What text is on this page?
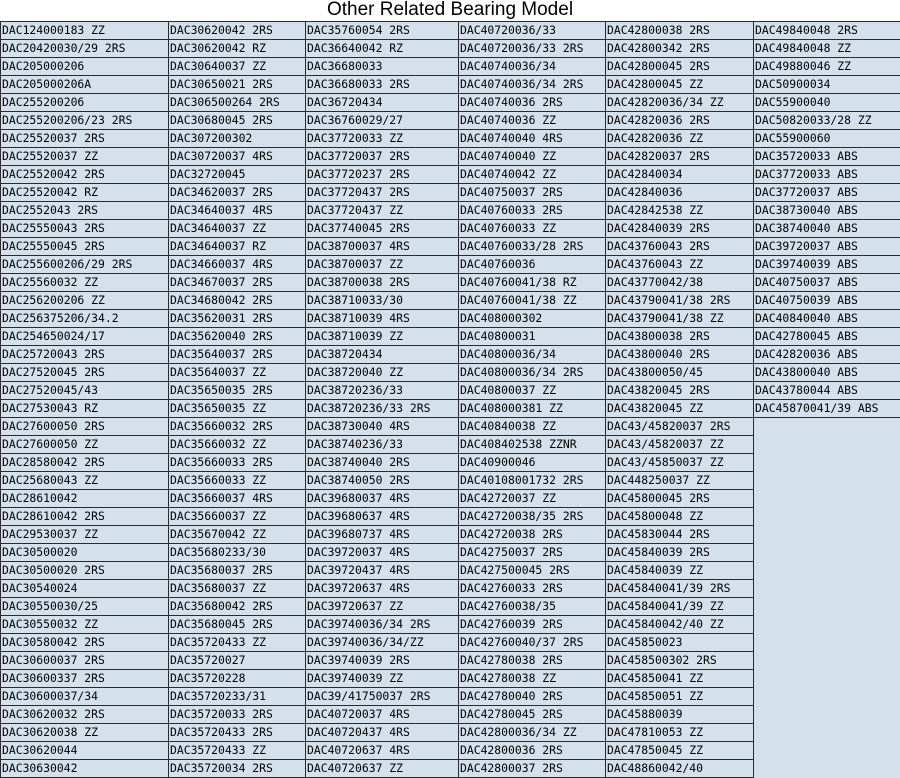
Other Related Bearing Model
DAC124000183 ZZ	DAC30620042 2RS	DAC35760054 2RS	DAC40720036/33	DAC42800038 2RS	DAC49840048 2RS
DAC20420030/29 2RS	DAC30620042 RZ	DAC36640042 RZ	DAC40720036/33 2RS	DAC42800342 2RS	DAC49840048 ZZ
DAC205000206	DAC30640037 ZZ	DAC36680033	DAC40740036/34	DAC42800045 2RS	DAC49880046 ZZ
DAC205000206A	DAC30650021 2RS	DAC36680033 2RS	DAC40740036/34 2RS	DAC42800045 ZZ	DAC50900034
DAC255200206	DAC306500264 2RS	DAC36720434	DAC40740036 2RS	DAC42820036/34 ZZ	DAC55900040
DAC255200206/23 2RS	DAC30680045 2RS	DAC36760029/27	DAC40740036 ZZ	DAC42820036 2RS	DAC50820033/28 ZZ
DAC25520037 2RS	DAC307200302	DAC37720033 ZZ	DAC40740040 4RS	DAC42820036 ZZ	DAC55900060
DAC25520037 ZZ	DAC30720037 4RS	DAC37720037 2RS	DAC40740040 ZZ	DAC42820037 2RS	DAC35720033 ABS
DAC25520042 2RS	DAC32720045	DAC37720237 2RS	DAC40740042 ZZ	DAC42840034	DAC37720033 ABS
DAC25520042 RZ	DAC34620037 2RS	DAC37720437 2RS	DAC40750037 2RS	DAC42840036	DAC37720037 ABS
DAC2552043 2RS	DAC34640037 4RS	DAC37720437 ZZ	DAC40760033 2RS	DAC42842538 ZZ	DAC38730040 ABS
DAC25550043 2RS	DAC34640037 ZZ	DAC37740045 2RS	DAC40760033 ZZ	DAC42840039 2RS	DAC38740040 ABS
DAC25550045 2RS	DAC34640037 RZ	DAC38700037 4RS	DAC40760033/28 2RS	DAC43760043 2RS	DAC39720037 ABS
DAC255600206/29 2RS	DAC34660037 4RS	DAC38700037 ZZ	DAC40760036	DAC43760043 ZZ	DAC39740039 ABS
DAC25560032 ZZ	DAC34670037 2RS	DAC38700038 2RS	DAC40760041/38 RZ	DAC43770042/38	DAC40750037 ABS
DAC256200206 ZZ	DAC34680042 2RS	DAC38710033/30	DAC40760041/38 ZZ	DAC43790041/38 2RS	DAC40750039 ABS
DAC256375206/34.2	DAC35620031 2RS	DAC38710039 4RS	DAC408000302	DAC43790041/38 ZZ	DAC40840040 ABS
DAC254650024/17	DAC35620040 2RS	DAC38710039 ZZ	DAC40800031	DAC43800038 2RS	DAC42780045 ABS
DAC25720043 2RS	DAC35640037 2RS	DAC38720434	DAC40800036/34	DAC43800040 2RS	DAC42820036 ABS
DAC27520045 2RS	DAC35640037 ZZ	DAC38720040 ZZ	DAC40800036/34 2RS	DAC43800050/45	DAC43800040 ABS
DAC27520045/43	DAC35650035 2RS	DAC38720236/33	DAC40800037 ZZ	DAC43820045 2RS	DAC43780044 ABS
DAC27530043 RZ	DAC35650035 ZZ	DAC38720236/33 2RS	DAC408000381 ZZ	DAC43820045 ZZ	DAC45870041/39 ABS
DAC27600050 2RS	DAC35660032 2RS	DAC38730040 4RS	DAC40840038 ZZ	DAC43/45820037 2RS	
DAC27600050 ZZ	DAC35660032 ZZ	DAC38740236/33	DAC408402538 ZZNR	DAC43/45820037 ZZ	
DAC28580042 2RS	DAC35660033 2RS	DAC38740040 2RS	DAC40900046	DAC43/45850037 ZZ	
DAC25680043 ZZ	DAC35660033 ZZ	DAC38740050 2RS	DAC40108001732 2RS	DAC448250037 ZZ	
DAC28610042	DAC35660037 4RS	DAC39680037 4RS	DAC42720037 ZZ	DAC45800045 2RS	
DAC28610042 2RS	DAC35660037 ZZ	DAC39680637 4RS	DAC42720038/35 2RS	DAC45800048 ZZ	
DAC29530037 ZZ	DAC35670042 ZZ	DAC39680737 4RS	DAC42720038 2RS	DAC45830044 2RS	
DAC30500020	DAC35680233/30	DAC39720037 4RS	DAC42750037 2RS	DAC45840039 2RS	
DAC30500020 2RS	DAC35680037 2RS	DAC39720437 4RS	DAC427500045 2RS	DAC45840039 ZZ	
DAC30540024	DAC35680037 ZZ	DAC39720637 4RS	DAC42760033 2RS	DAC45840041/39 2RS	
DAC30550030/25	DAC35680042 2RS	DAC39720637 ZZ	DAC42760038/35	DAC45840041/39 ZZ	
DAC30550032 ZZ	DAC35680045 2RS	DAC39740036/34 2RS	DAC42760039 2RS	DAC45840042/40 ZZ	
DAC30580042 2RS	DAC35720433 ZZ	DAC39740036/34/ZZ	DAC42760040/37 2RS	DAC45850023	
DAC30600037 2RS	DAC35720027	DAC39740039 2RS	DAC42780038 2RS	DAC458500302 2RS	
DAC30600337 2RS	DAC35720228	DAC39740039 ZZ	DAC42780038 ZZ	DAC45850041 ZZ	
DAC30600037/34	DAC35720233/31	DAC39/41750037 2RS	DAC42780040 2RS	DAC45850051 ZZ	
DAC30620032 2RS	DAC35720033 2RS	DAC40720037 4RS	DAC42780045 2RS	DAC45880039	
DAC30620038 ZZ	DAC35720433 2RS	DAC40720437 4RS	DAC42800036/34 ZZ	DAC47810053 ZZ	
DAC30620044	DAC35720433 ZZ	DAC40720637 4RS	DAC42800036 2RS	DAC47850045 ZZ	
DAC30630042	DAC35720034 2RS	DAC40720637 ZZ	DAC42800037 2RS	DAC48860042/40	
